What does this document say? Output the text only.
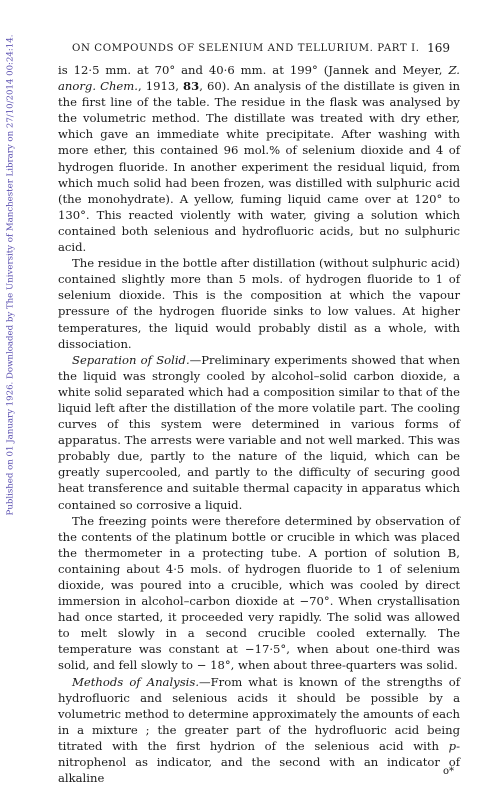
Published on 01 January 1926. Downloaded by The University of Manchester Library on 27/10/2014 00:24:14.	ON COMPOUNDS OF SELENIUM AND TELLURIUM. PART I. 169

is 12·5 mm. at 70° and 40·6 mm. at 199° (Jannek and Meyer, Z. anorg. Chem., 1913, 83, 60). An analysis of the distillate is given in the first line of the table. The residue in the flask was analysed by the volumetric method. The distillate was treated with dry ether, which gave an immediate white precipitate. After washing with more ether, this contained 96 mol.% of selenium dioxide and 4 of hydrogen fluoride. In another experiment the residual liquid, from which much solid had been frozen, was distilled with sulphuric acid (the monohydrate). A yellow, fuming liquid came over at 120° to 130°. This reacted violently with water, giving a solution which contained both selenious and hydrofluoric acids, but no sulphuric acid.

The residue in the bottle after distillation (without sulphuric acid) contained slightly more than 5 mols. of hydrogen fluoride to 1 of selenium dioxide. This is the composition at which the vapour pressure of the hydrogen fluoride sinks to low values. At higher temperatures, the liquid would probably distil as a whole, with dissociation.

Separation of Solid.—Preliminary experiments showed that when the liquid was strongly cooled by alcohol–solid carbon dioxide, a white solid separated which had a composition similar to that of the liquid left after the distillation of the more volatile part. The cooling curves of this system were determined in various forms of apparatus. The arrests were variable and not well marked. This was probably due, partly to the nature of the liquid, which can be greatly supercooled, and partly to the difficulty of securing good heat transference and suitable thermal capacity in apparatus which contained so corrosive a liquid.

The freezing points were therefore determined by observation of the contents of the platinum bottle or crucible in which was placed the thermometer in a protecting tube. A portion of solution B, containing about 4·5 mols. of hydrogen fluoride to 1 of selenium dioxide, was poured into a crucible, which was cooled by direct immersion in alcohol–carbon dioxide at −70°. When crystallisation had once started, it proceeded very rapidly. The solid was allowed to melt slowly in a second crucible cooled externally. The temperature was constant at −17·5°, when about one-third was solid, and fell slowly to − 18°, when about three-quarters was solid.

Methods of Analysis.—From what is known of the strengths of hydrofluoric and selenious acids it should be possible by a volumetric method to determine approximately the amounts of each in a mixture ; the greater part of the hydrofluoric acid being titrated with the first hydrion of the selenious acid with p-nitrophenol as indicator, and the second with an indicator of alkaline	o*
